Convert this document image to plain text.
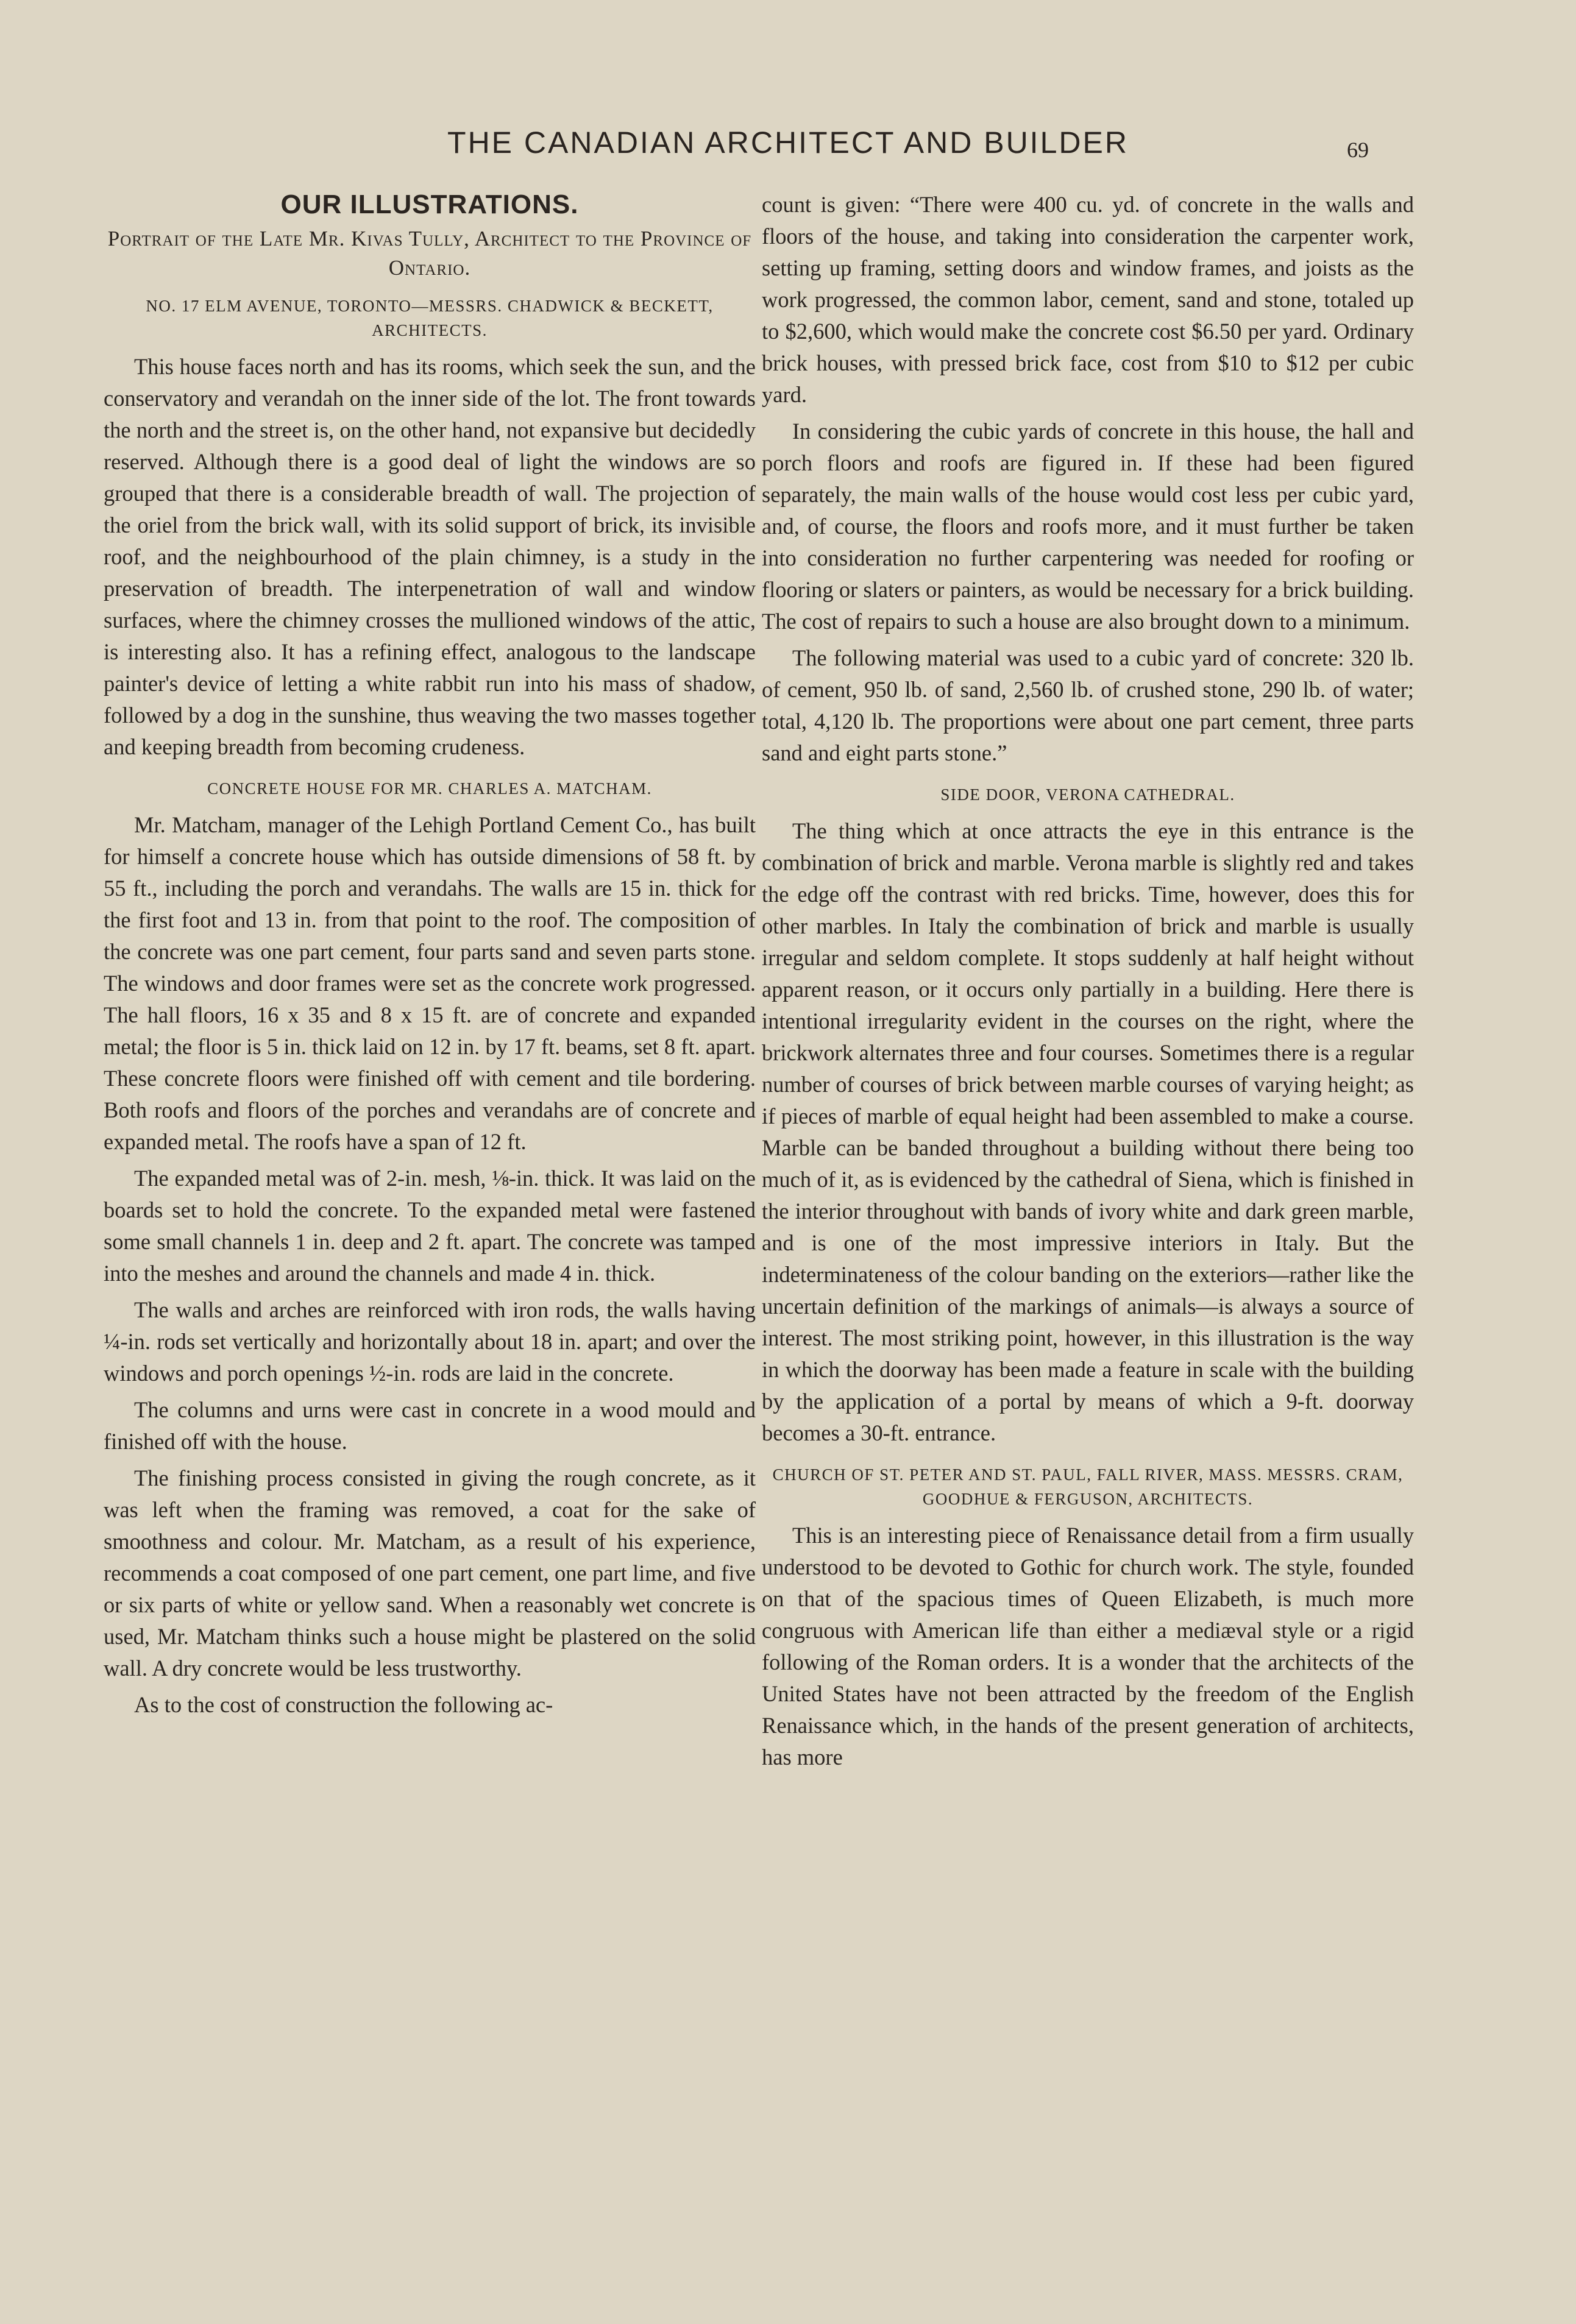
THE CANADIAN ARCHITECT AND BUILDER	69
OUR ILLUSTRATIONS.
Portrait of the Late Mr. Kivas Tully, Architect to the Province of Ontario.
NO. 17 ELM AVENUE, TORONTO—MESSRS. CHADWICK & BECKETT, ARCHITECTS.

This house faces north and has its rooms, which seek the sun, and the conservatory and verandah on the inner side of the lot. The front towards the north and the street is, on the other hand, not expansive but decidedly reserved. Although there is a good deal of light the windows are so grouped that there is a considerable breadth of wall. The projection of the oriel from the brick wall, with its solid support of brick, its invisible roof, and the neighbourhood of the plain chimney, is a study in the preservation of breadth. The interpenetration of wall and window surfaces, where the chimney crosses the mullioned windows of the attic, is interesting also. It has a refining effect, analogous to the landscape painter's device of letting a white rabbit run into his mass of shadow, followed by a dog in the sunshine, thus weaving the two masses together and keeping breadth from becoming crudeness.

CONCRETE HOUSE FOR MR. CHARLES A. MATCHAM.

Mr. Matcham, manager of the Lehigh Portland Cement Co., has built for himself a concrete house which has outside dimensions of 58 ft. by 55 ft., including the porch and verandahs. The walls are 15 in. thick for the first foot and 13 in. from that point to the roof. The composition of the concrete was one part cement, four parts sand and seven parts stone. The windows and door frames were set as the concrete work progressed. The hall floors, 16 x 35 and 8 x 15 ft. are of concrete and expanded metal; the floor is 5 in. thick laid on 12 in. by 17 ft. beams, set 8 ft. apart. These concrete floors were finished off with cement and tile bordering. Both roofs and floors of the porches and verandahs are of concrete and expanded metal. The roofs have a span of 12 ft.

The expanded metal was of 2-in. mesh, ⅛-in. thick. It was laid on the boards set to hold the concrete. To the expanded metal were fastened some small channels 1 in. deep and 2 ft. apart. The concrete was tamped into the meshes and around the channels and made 4 in. thick.

The walls and arches are reinforced with iron rods, the walls having ¼-in. rods set vertically and horizontally about 18 in. apart; and over the windows and porch openings ½-in. rods are laid in the concrete.

The columns and urns were cast in concrete in a wood mould and finished off with the house.

The finishing process consisted in giving the rough concrete, as it was left when the framing was removed, a coat for the sake of smoothness and colour. Mr. Matcham, as a result of his experience, recommends a coat composed of one part cement, one part lime, and five or six parts of white or yellow sand. When a reasonably wet concrete is used, Mr. Matcham thinks such a house might be plastered on the solid wall. A dry concrete would be less trustworthy.

As to the cost of construction the following ac-

count is given: “There were 400 cu. yd. of concrete in the walls and floors of the house, and taking into consideration the carpenter work, setting up framing, setting doors and window frames, and joists as the work progressed, the common labor, cement, sand and stone, totaled up to $2,600, which would make the concrete cost $6.50 per yard. Ordinary brick houses, with pressed brick face, cost from $10 to $12 per cubic yard.

In considering the cubic yards of concrete in this house, the hall and porch floors and roofs are figured in. If these had been figured separately, the main walls of the house would cost less per cubic yard, and, of course, the floors and roofs more, and it must further be taken into consideration no further carpentering was needed for roofing or flooring or slaters or painters, as would be necessary for a brick building. The cost of repairs to such a house are also brought down to a minimum.

The following material was used to a cubic yard of concrete: 320 lb. of cement, 950 lb. of sand, 2,560 lb. of crushed stone, 290 lb. of water; total, 4,120 lb. The proportions were about one part cement, three parts sand and eight parts stone.”

SIDE DOOR, VERONA CATHEDRAL.

The thing which at once attracts the eye in this entrance is the combination of brick and marble. Verona marble is slightly red and takes the edge off the contrast with red bricks. Time, however, does this for other marbles. In Italy the combination of brick and marble is usually irregular and seldom complete. It stops suddenly at half height without apparent reason, or it occurs only partially in a building. Here there is intentional irregularity evident in the courses on the right, where the brickwork alternates three and four courses. Sometimes there is a regular number of courses of brick between marble courses of varying height; as if pieces of marble of equal height had been assembled to make a course. Marble can be banded throughout a building without there being too much of it, as is evidenced by the cathedral of Siena, which is finished in the interior throughout with bands of ivory white and dark green marble, and is one of the most impressive interiors in Italy. But the indeterminateness of the colour banding on the exteriors—rather like the uncertain definition of the markings of animals—is always a source of interest. The most striking point, however, in this illustration is the way in which the doorway has been made a feature in scale with the building by the application of a portal by means of which a 9-ft. doorway becomes a 30-ft. entrance.

CHURCH OF ST. PETER AND ST. PAUL, FALL RIVER, MASS. MESSRS. CRAM, GOODHUE & FERGUSON, ARCHITECTS.

This is an interesting piece of Renaissance detail from a firm usually understood to be devoted to Gothic for church work. The style, founded on that of the spacious times of Queen Elizabeth, is much more congruous with American life than either a mediæval style or a rigid following of the Roman orders. It is a wonder that the architects of the United States have not been attracted by the freedom of the English Renaissance which, in the hands of the present generation of architects, has more
